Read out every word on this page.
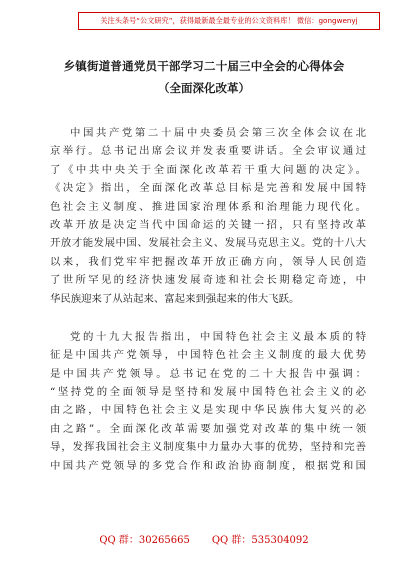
关注头条号“公文研究”，获得最新最全最专业的公文资料库！ 微信：gongwenyj
乡镇街道普通党员干部学习二十届三中全会的心得体会
（全面深化改革）
中国共产党第二十届中央委员会第三次全体会议在北
京举行。总书记出席会议并发表重要讲话。全会审议通过
了《中共中央关于全面深化改革若干重大问题的决定》。
《决定》指出，全面深化改革总目标是完善和发展中国特
色社会主义制度、推进国家治理体系和治理能力现代化。
改革开放是决定当代中国命运的关键一招，只有坚持改革
开放才能发展中国、发展社会主义、发展马克思主义。党的十八大
以来，我们党牢牢把握改革开放正确方向，领导人民创造
了世所罕见的经济快速发展奇迹和社会长期稳定奇迹，中
华民族迎来了从站起来、富起来到强起来的伟大飞跃。
党的十九大报告指出，中国特色社会主义最本质的特
征是中国共产党领导，中国特色社会主义制度的最大优势
是中国共产党领导。总书记在党的二十大报告中强调：
“坚持党的全面领导是坚持和发展中国特色社会主义的必
由之路，中国特色社会主义是实现中华民族伟大复兴的必
由之路”。全面深化改革需要加强党对改革的集中统一领
导，发挥我国社会主义制度集中力量办大事的优势，坚持和完善
中国共产党领导的多党合作和政治协商制度，根据党和国
QQ 群：30265665 QQ 群：535304092
